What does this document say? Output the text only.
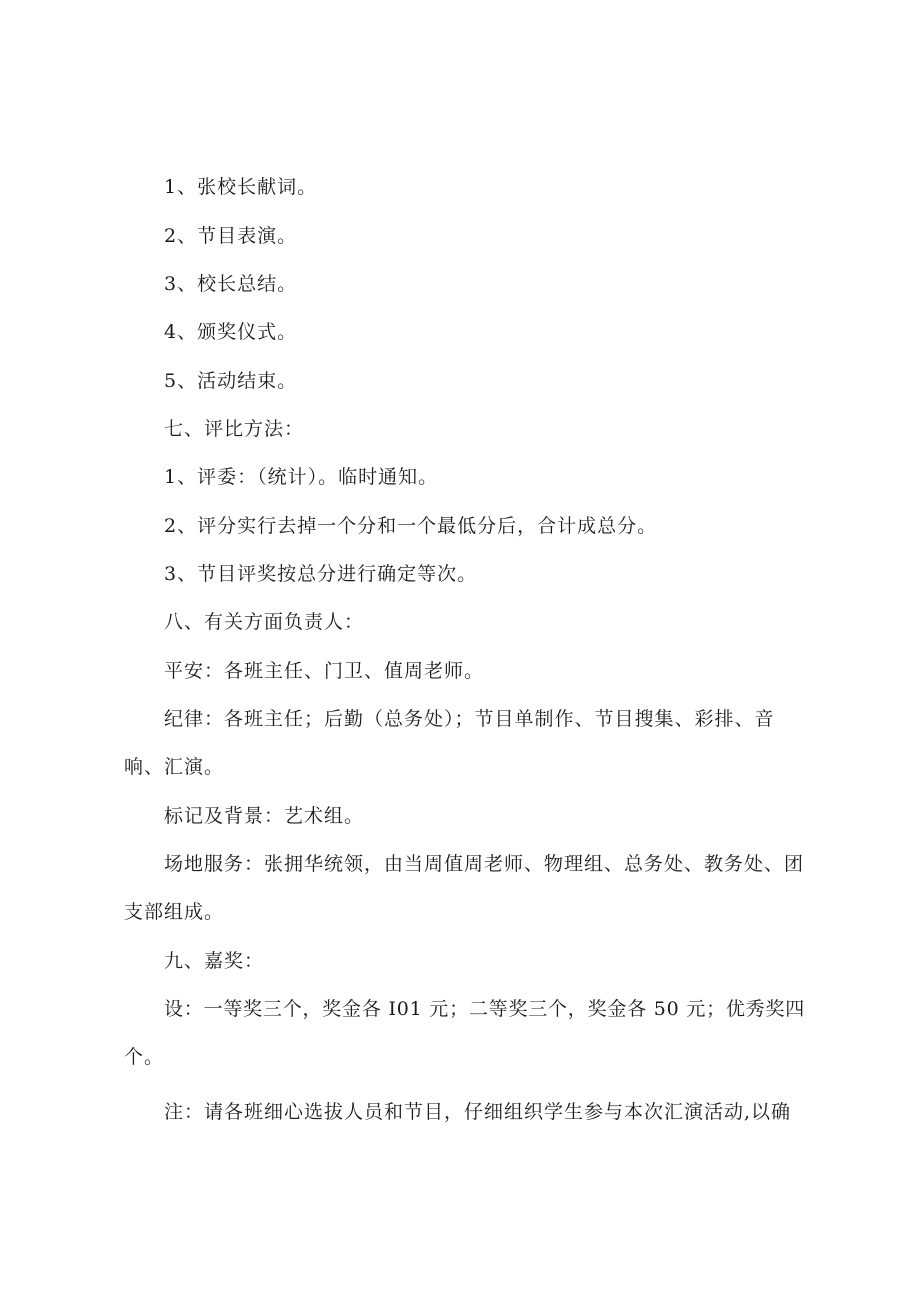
1、张校长献词。
2、节目表演。
3、校长总结。
4、颁奖仪式。
5、活动结束。
七、评比方法：
1、评委：（统计）。临时通知。
2、评分实行去掉一个分和一个最低分后，合计成总分。
3、节目评奖按总分进行确定等次。
八、有关方面负责人：
平安：各班主任、门卫、值周老师。
纪律：各班主任；后勤（总务处）；节目单制作、节目搜集、彩排、音
响、汇演。
标记及背景：艺术组。
场地服务：张拥华统领，由当周值周老师、物理组、总务处、教务处、团
支部组成。
九、嘉奖：
设：一等奖三个，奖金各 I01 元；二等奖三个，奖金各 50 元；优秀奖四
个。
注：请各班细心选拔人员和节目，仔细组织学生参与本次汇演活动,以确
